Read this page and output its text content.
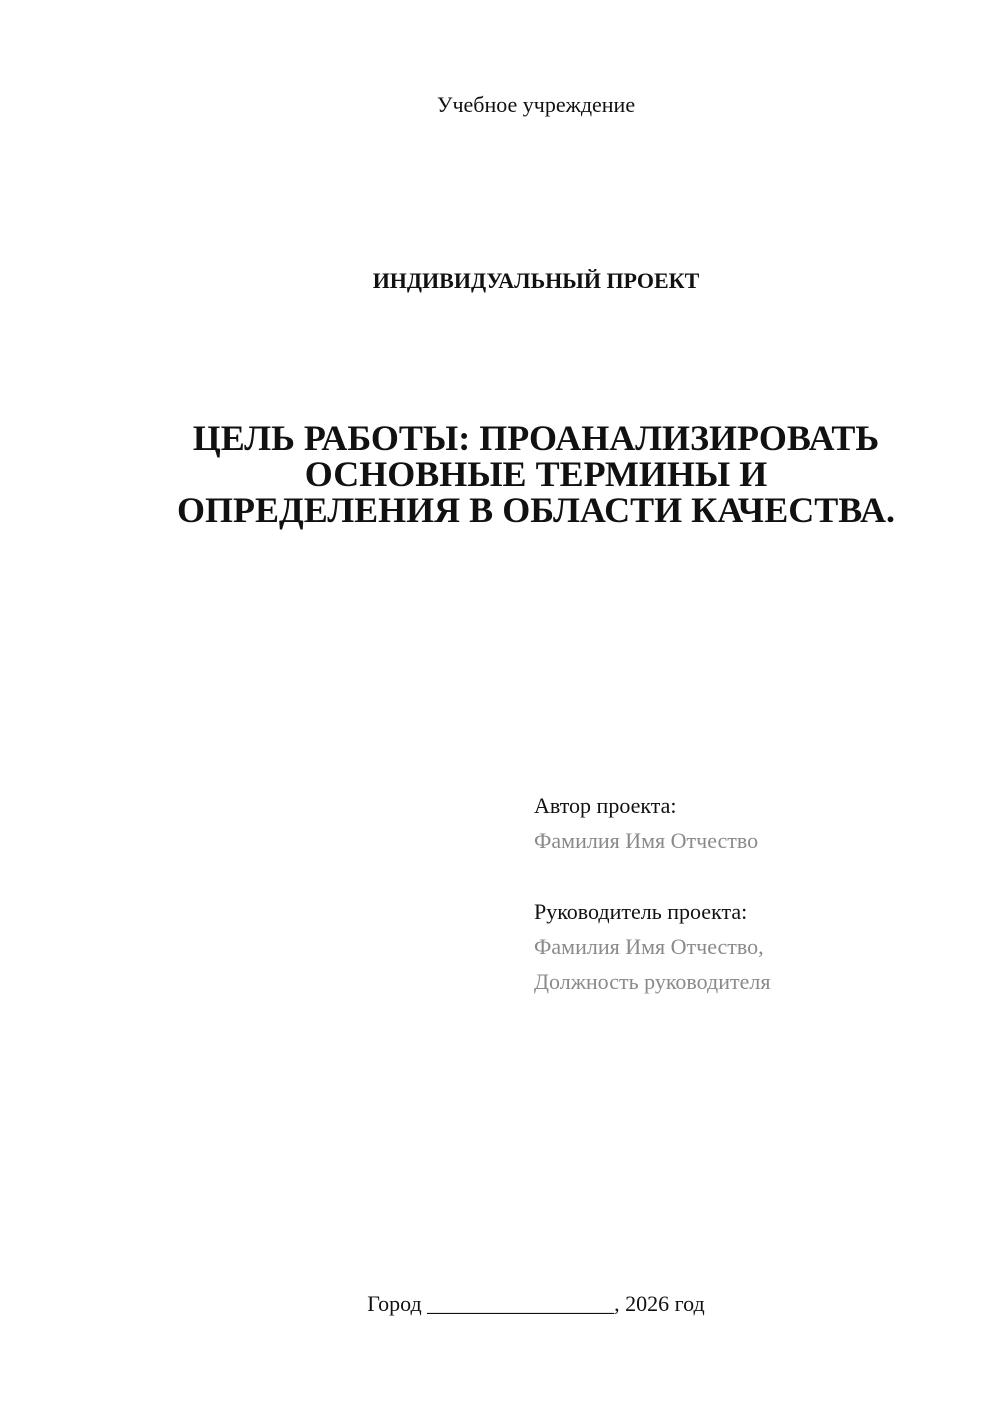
Учебное учреждение
ИНДИВИДУАЛЬНЫЙ ПРОЕКТ
ЦЕЛЬ РАБОТЫ: ПРОАНАЛИЗИРОВАТЬ
ОСНОВНЫЕ ТЕРМИНЫ И
ОПРЕДЕЛЕНИЯ В ОБЛАСТИ КАЧЕСТВА.
Автор проекта:
Фамилия Имя Отчество
Руководитель проекта:
Фамилия Имя Отчество,
Должность руководителя
Город _________________, 2026 год
